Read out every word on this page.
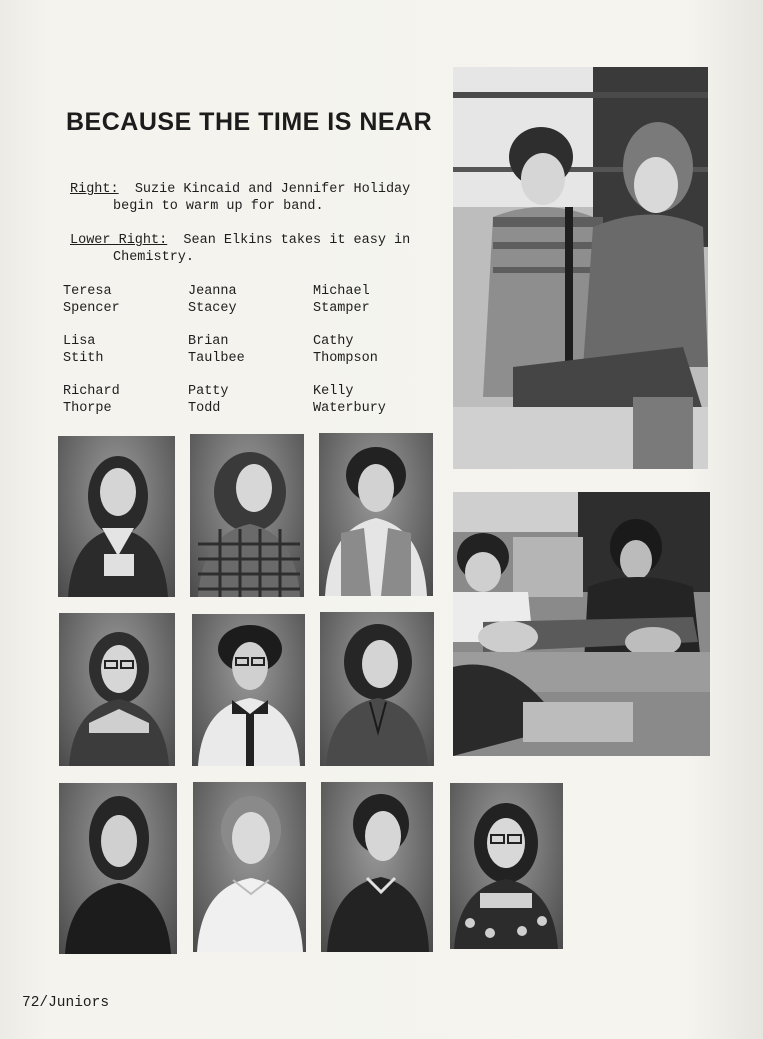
BECAUSE THE TIME IS NEAR

Right: Suzie Kincaid and Jennifer Holiday
begin to warm up for band.

Lower Right: Sean Elkins takes it easy in
Chemistry.

Teresa
Spencer
Jeanna
Stacey
Michael
Stamper
Lisa
Stith
Brian
Taulbee
Cathy
Thompson
Richard
Thorpe
Patty
Todd
Kelly
Waterbury

72/Juniors
